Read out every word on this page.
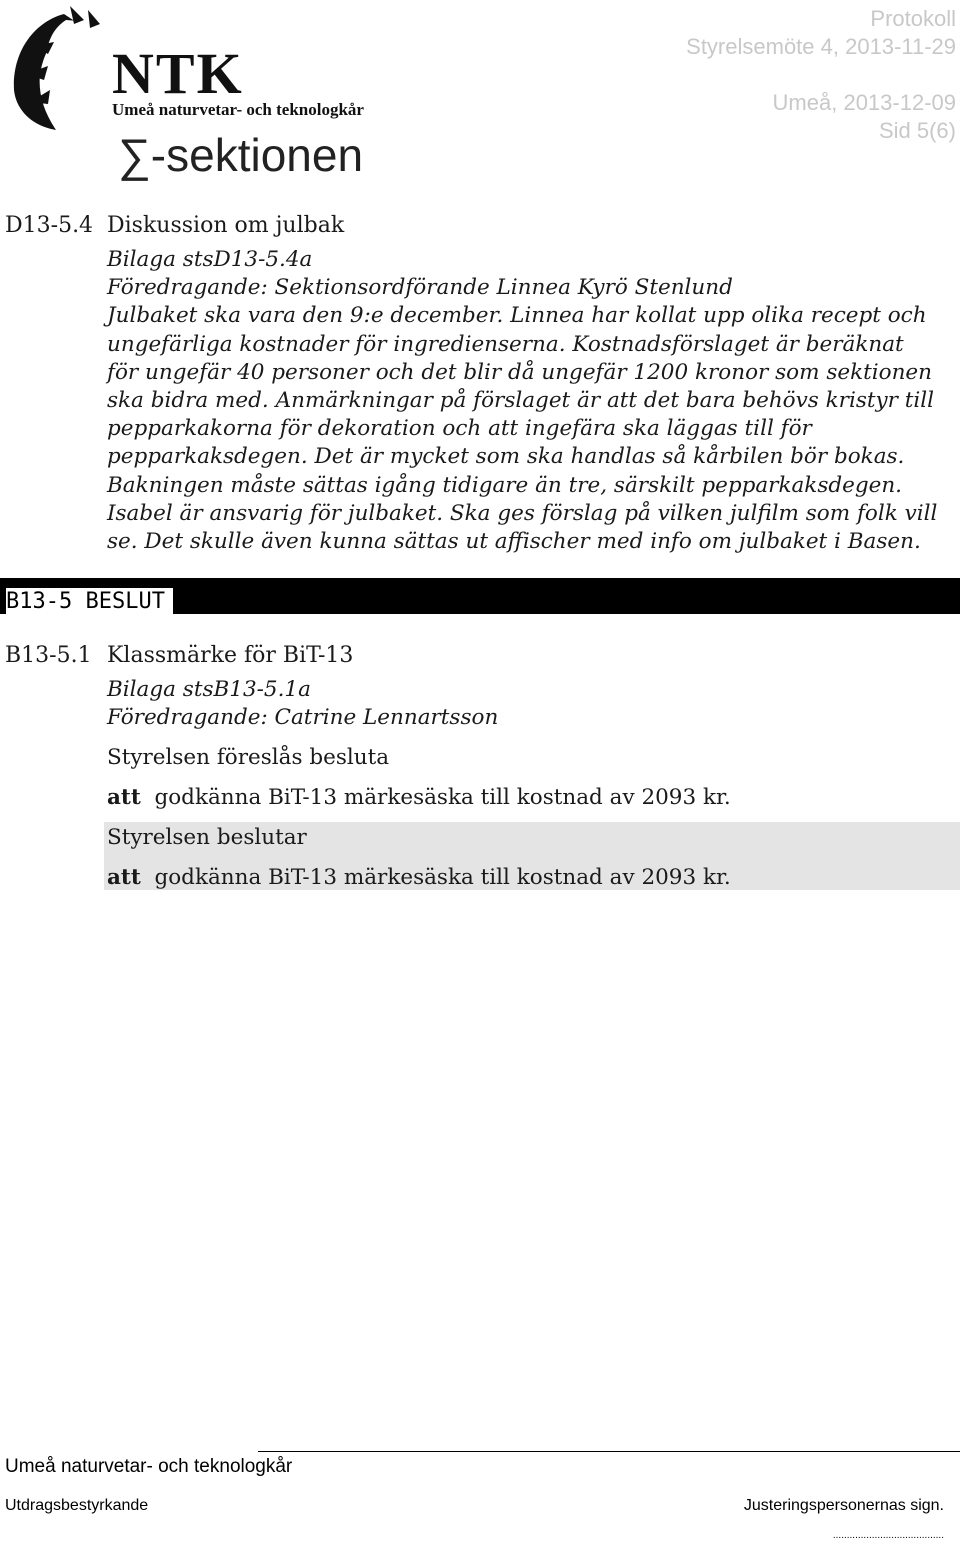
NTK
Umeå naturvetar- och teknologkår
∑-sektionen
Protokoll
Styrelsemöte 4, 2013-11-29
Umeå, 2013-12-09
Sid 5(6)
D13-5.4 Diskussion om julbak
Bilaga stsD13-5.4a
Föredragande: Sektionsordförande Linnea Kyrö Stenlund
Julbaket ska vara den 9:e december. Linnea har kollat upp olika recept och
ungefärliga kostnader för ingredienserna. Kostnadsförslaget är beräknat
för ungefär 40 personer och det blir då ungefär 1200 kronor som sektionen
ska bidra med. Anmärkningar på förslaget är att det bara behövs kristyr till
pepparkakorna för dekoration och att ingefära ska läggas till för
pepparkaksdegen. Det är mycket som ska handlas så kårbilen bör bokas.
Bakningen måste sättas igång tidigare än tre, särskilt pepparkaksdegen.
Isabel är ansvarig för julbaket. Ska ges förslag på vilken julfilm som folk vill
se. Det skulle även kunna sättas ut affischer med info om julbaket i Basen.
B13-5 BESLUT
B13-5.1 Klassmärke för BiT-13
Bilaga stsB13-5.1a
Föredragande: Catrine Lennartsson
Styrelsen föreslås besluta
att godkänna BiT-13 märkesäska till kostnad av 2093 kr.
Styrelsen beslutar
att godkänna BiT-13 märkesäska till kostnad av 2093 kr.
Umeå naturvetar- och teknologkår
Utdragsbestyrkande	Justeringspersonernas sign.
........................................
